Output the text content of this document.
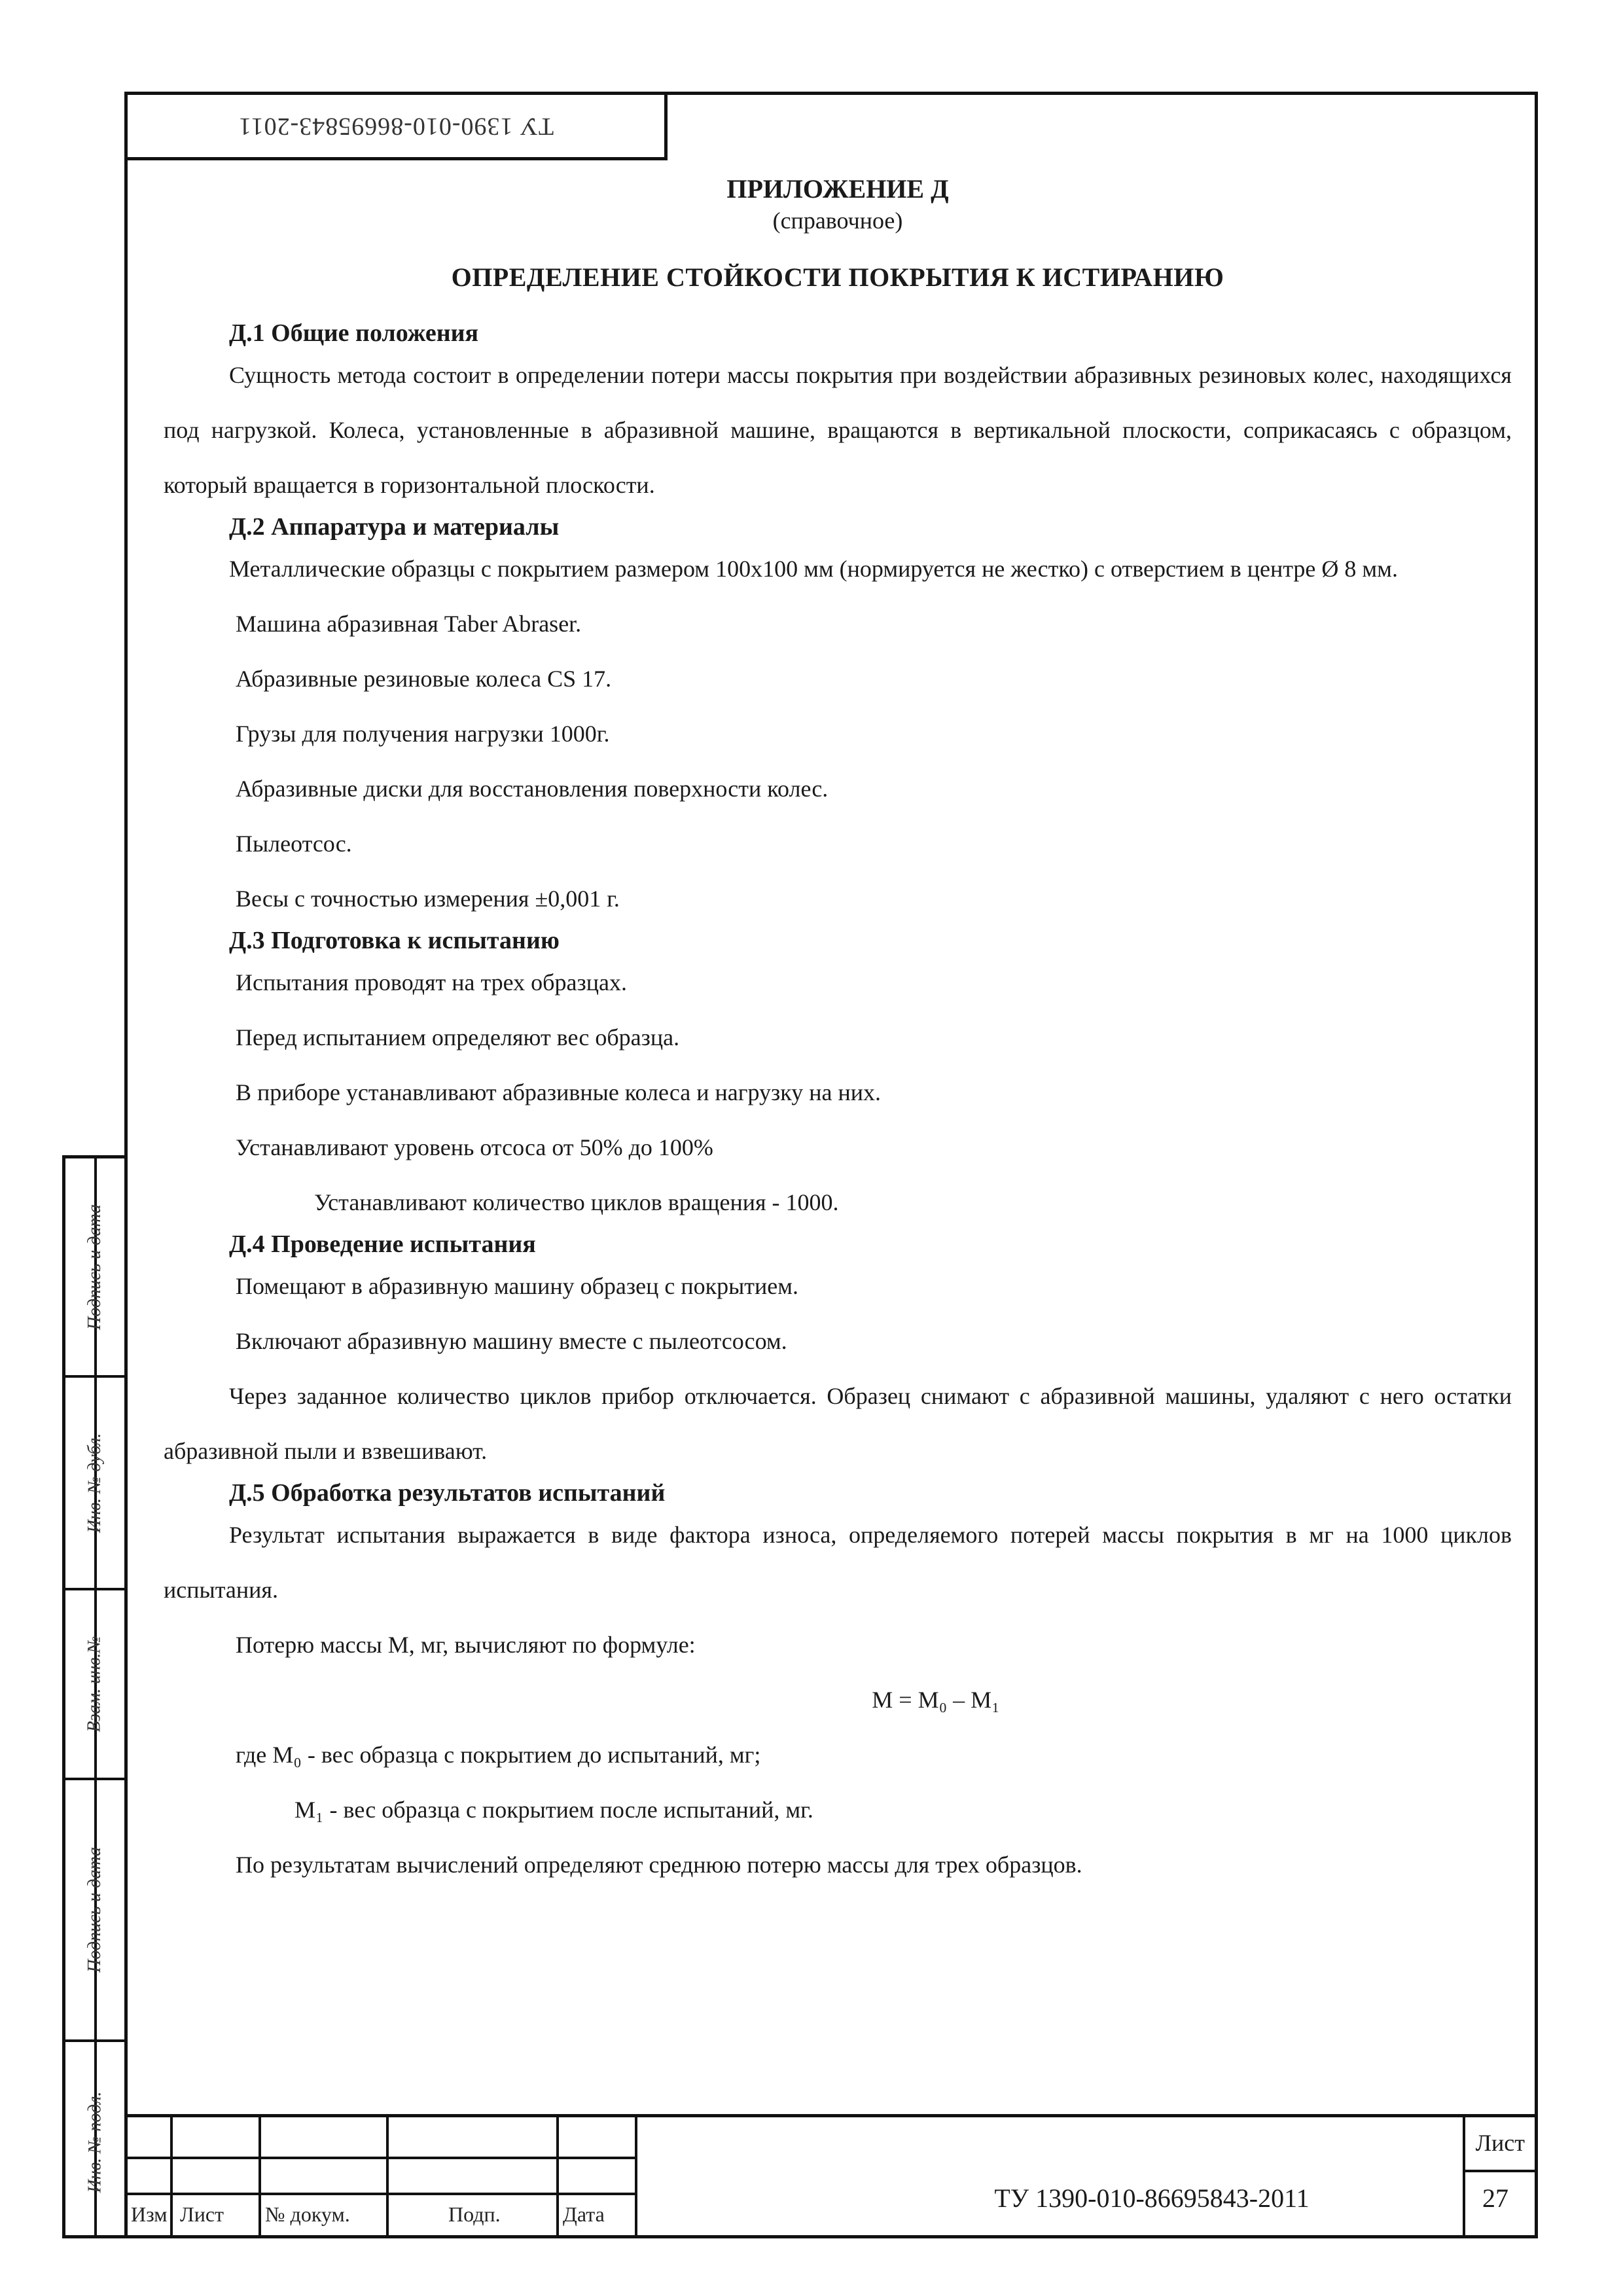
ТУ 1390-010-86695843-2011
Подпись и дата
Инв. № дубл.
Взам. инв.№
Подпись и дата
Инв. № подл.
ПРИЛОЖЕНИЕ Д
(справочное)
ОПРЕДЕЛЕНИЕ СТОЙКОСТИ ПОКРЫТИЯ К ИСТИРАНИЮ
Д.1 Общие положения
Сущность метода состоит в определении потери массы покрытия при воздействии абразивных резиновых колес, находящихся под нагрузкой. Колеса, установленные в абразивной машине, вращаются в вертикальной плоскости, соприкасаясь с образцом, который вращается в горизонтальной плоскости.
Д.2 Аппаратура и материалы
Металлические образцы с покрытием размером 100х100 мм (нормируется не жестко) с отверстием в центре Ø 8 мм.
Машина абразивная Taber Abraser.
Абразивные резиновые колеса CS 17.
Грузы для получения нагрузки 1000г.
Абразивные диски для восстановления поверхности колес.
Пылеотсос.
Весы с точностью измерения ±0,001 г.
Д.3 Подготовка к испытанию
Испытания проводят на трех образцах.
Перед испытанием определяют вес образца.
В приборе устанавливают абразивные колеса и нагрузку на них.
Устанавливают уровень отсоса от 50% до 100%
Устанавливают количество циклов вращения - 1000.
Д.4 Проведение испытания
Помещают в абразивную машину образец с покрытием.
Включают абразивную машину вместе с пылеотсосом.
Через заданное количество циклов прибор отключается. Образец снимают с абразивной машины, удаляют с него остатки абразивной пыли и взвешивают.
Д.5 Обработка результатов испытаний
Результат испытания выражается в виде фактора износа, определяемого потерей массы покрытия в мг на 1000 циклов испытания.
Потерю массы М, мг, вычисляют по формуле:
М = М₀ – М₁
где М₀ - вес образца с покрытием до испытаний, мг;
М₁ - вес образца с покрытием после испытаний, мг.
По результатам вычислений определяют среднюю потерю массы для трех образцов.
Изм Лист № докум.	Подп.	Дата
ТУ 1390-010-86695843-2011
Лист
27
